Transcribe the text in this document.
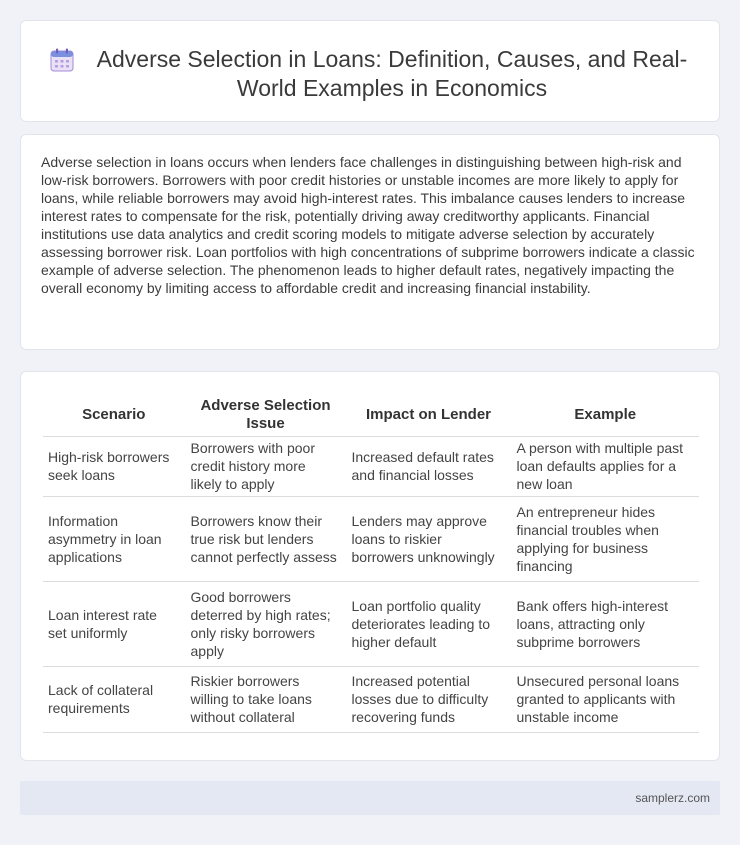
Adverse Selection in Loans: Definition, Causes, and Real-World Examples in Economics

Adverse selection in loans occurs when lenders face challenges in distinguishing between high-risk and low-risk borrowers. Borrowers with poor credit histories or unstable incomes are more likely to apply for loans, while reliable borrowers may avoid high-interest rates. This imbalance causes lenders to increase interest rates to compensate for the risk, potentially driving away creditworthy applicants. Financial institutions use data analytics and credit scoring models to mitigate adverse selection by accurately assessing borrower risk. Loan portfolios with high concentrations of subprime borrowers indicate a classic example of adverse selection. The phenomenon leads to higher default rates, negatively impacting the overall economy by limiting access to affordable credit and increasing financial instability.

Scenario	Adverse Selection Issue	Impact on Lender	Example
High-risk borrowers seek loans	Borrowers with poor credit history more likely to apply	Increased default rates and financial losses	A person with multiple past loan defaults applies for a new loan
Information asymmetry in loan applications	Borrowers know their true risk but lenders cannot perfectly assess	Lenders may approve loans to riskier borrowers unknowingly	An entrepreneur hides financial troubles when applying for business financing
Loan interest rate set uniformly	Good borrowers deterred by high rates; only risky borrowers apply	Loan portfolio quality deteriorates leading to higher default	Bank offers high-interest loans, attracting only subprime borrowers
Lack of collateral requirements	Riskier borrowers willing to take loans without collateral	Increased potential losses due to difficulty recovering funds	Unsecured personal loans granted to applicants with unstable income
samplerz.com
